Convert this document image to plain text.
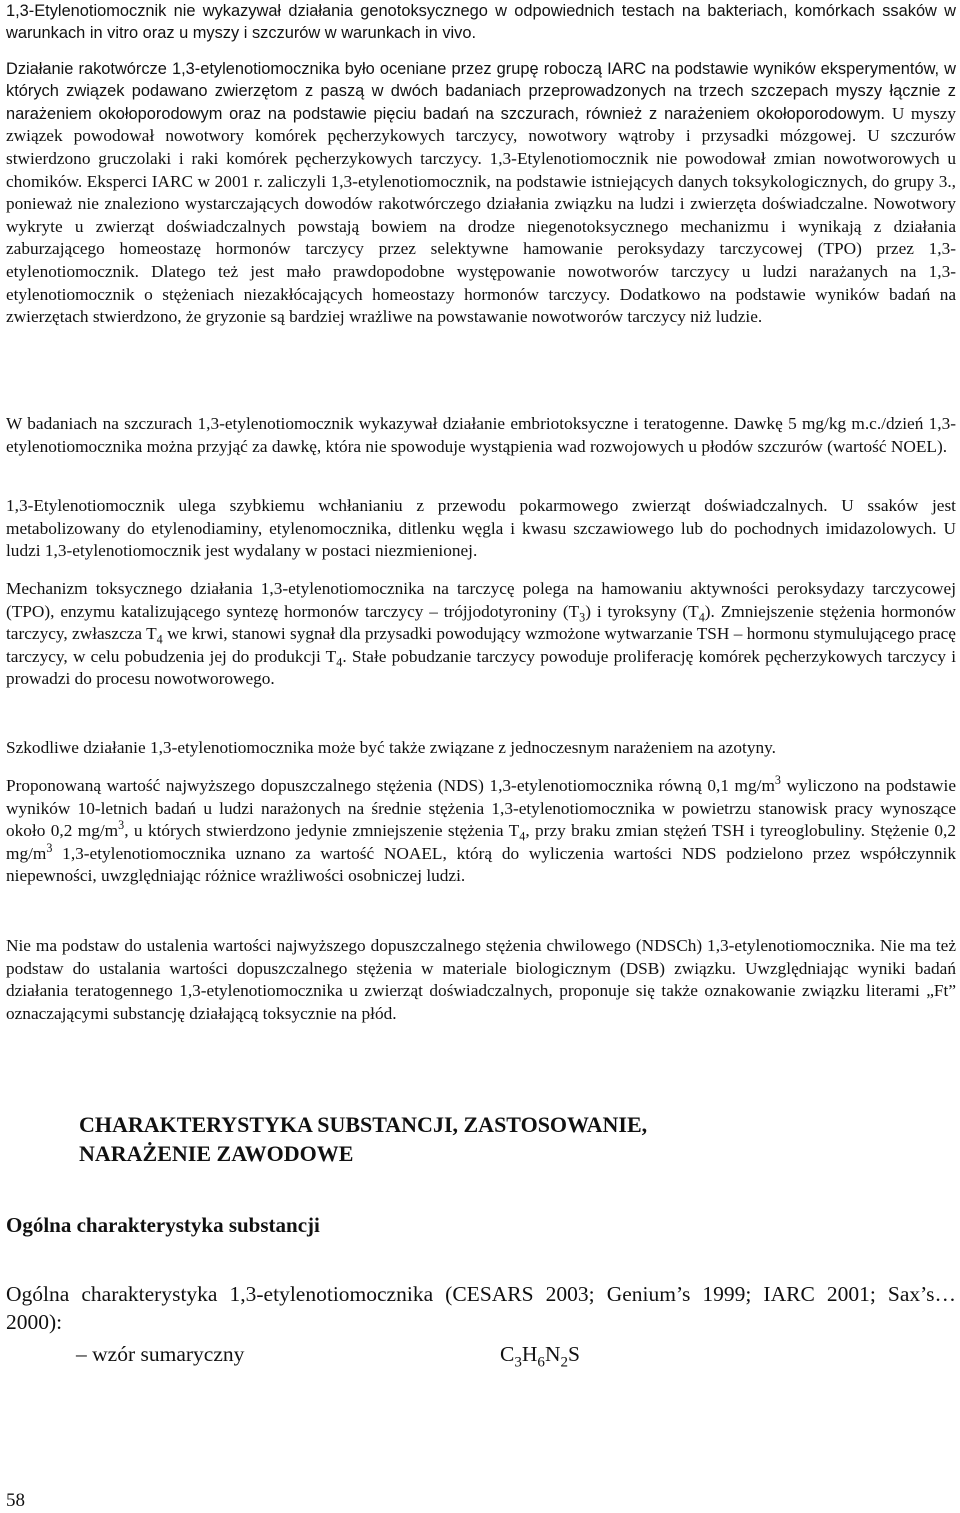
1,3-Etylenotiomocznik nie wykazywał działania genotoksycznego w odpowiednich testach na bakteriach, komórkach ssaków w warunkach in vitro oraz u myszy i szczurów w warunkach in vivo.

Działanie rakotwórcze 1,3-etylenotiomocznika było oceniane przez grupę roboczą IARC na podstawie wyników eksperymentów, w których związek podawano zwierzętom z paszą w dwóch badaniach przeprowadzonych na trzech szczepach myszy łącznie z narażeniem okołoporodowym oraz na podstawie pięciu badań na szczurach, również z narażeniem okołoporodowym. U myszy związek powodował nowotwory komórek pęcherzykowych tarczycy, nowotwory wątroby i przysadki mózgowej. U szczurów stwierdzono gruczolaki i raki komórek pęcherzykowych tarczycy. 1,3-Etylenotiomocznik nie powodował zmian nowotworowych u chomików. Eksperci IARC w 2001 r. zaliczyli 1,3-etylenotiomocznik, na podstawie istniejących danych toksykologicznych, do grupy 3., ponieważ nie znaleziono wystarczających dowodów rakotwórczego działania związku na ludzi i zwierzęta doświadczalne. Nowotwory wykryte u zwierząt doświadczalnych powstają bowiem na drodze niegenotoksycznego mechanizmu i wynikają z działania zaburzającego homeostazę hormonów tarczycy przez selektywne hamowanie peroksydazy tarczycowej (TPO) przez 1,3-etylenotiomocznik. Dlatego też jest mało prawdopodobne występowanie nowotworów tarczycy u ludzi narażanych na 1,3-etylenotiomocznik o stężeniach niezakłócających homeostazy hormonów tarczycy. Dodatkowo na podstawie wyników badań na zwierzętach stwierdzono, że gryzonie są bardziej wrażliwe na powstawanie nowotworów tarczycy niż ludzie.

W badaniach na szczurach 1,3-etylenotiomocznik wykazywał działanie embriotoksyczne i teratogenne. Dawkę 5 mg/kg m.c./dzień 1,3-etylenotiomocznika można przyjąć za dawkę, która nie spowoduje wystąpienia wad rozwojowych u płodów szczurów (wartość NOEL).

1,3-Etylenotiomocznik ulega szybkiemu wchłanianiu z przewodu pokarmowego zwierząt doświadczalnych. U ssaków jest metabolizowany do etylenodiaminy, etylenomocznika, ditlenku węgla i kwasu szczawiowego lub do pochodnych imidazolowych. U ludzi 1,3-etylenotiomocznik jest wydalany w postaci niezmienionej.

Mechanizm toksycznego działania 1,3-etylenotiomocznika na tarczycę polega na hamowaniu aktywności peroksydazy tarczycowej (TPO), enzymu katalizującego syntezę hormonów tarczycy – trójjodotyroniny $(T_3)$ i tyroksyny $(T_4)$. Zmniejszenie stężenia hormonów tarczycy, zwłaszcza $T_4$ we krwi, stanowi sygnał dla przysadki powodujący wzmożone wytwarzanie TSH – hormonu stymulującego pracę tarczycy, w celu pobudzenia jej do produkcji $T_4$. Stałe pobudzanie tarczycy powoduje proliferację komórek pęcherzykowych tarczycy i prowadzi do procesu nowotworowego.

Szkodliwe działanie 1,3-etylenotiomocznika może być także związane z jednoczesnym narażeniem na azotyny.

Proponowaną wartość najwyższego dopuszczalnego stężenia (NDS) 1,3-etylenotiomocznika równą 0,1 $mg/m^3$ wyliczono na podstawie wyników 10-letnich badań u ludzi narażonych na średnie stężenia 1,3-etylenotiomocznika w powietrzu stanowisk pracy wynoszące około 0,2 $mg/m^3$, u których stwierdzono jedynie zmniejszenie stężenia $T_4$, przy braku zmian stężeń TSH i tyreoglobuliny. Stężenie 0,2 $mg/m^3$ 1,3-etylenotiomocznika uznano za wartość NOAEL, którą do wyliczenia wartości NDS podzielono przez współczynnik niepewności, uwzględniając różnice wrażliwości osobniczej ludzi.

Nie ma podstaw do ustalenia wartości najwyższego dopuszczalnego stężenia chwilowego (NDSCh) 1,3-etylenotiomocznika. Nie ma też podstaw do ustalania wartości dopuszczalnego stężenia w materiale biologicznym (DSB) związku. Uwzględniając wyniki badań działania teratogennego 1,3-etylenotiomocznika u zwierząt doświadczalnych, proponuje się także oznakowanie związku literami „Ft” oznaczającymi substancję działającą toksycznie na płód.

CHARAKTERYSTYKA SUBSTANCJI, ZASTOSOWANIE,

NARAŻENIE ZAWODOWE

Ogólna charakterystyka substancji

Ogólna charakterystyka 1,3-etylenotiomocznika (CESARS 2003; Genium’s 1999; IARC 2001; Sax’s… 2000):

– wzór sumaryczny	$C_3H_6N_2S$
58
